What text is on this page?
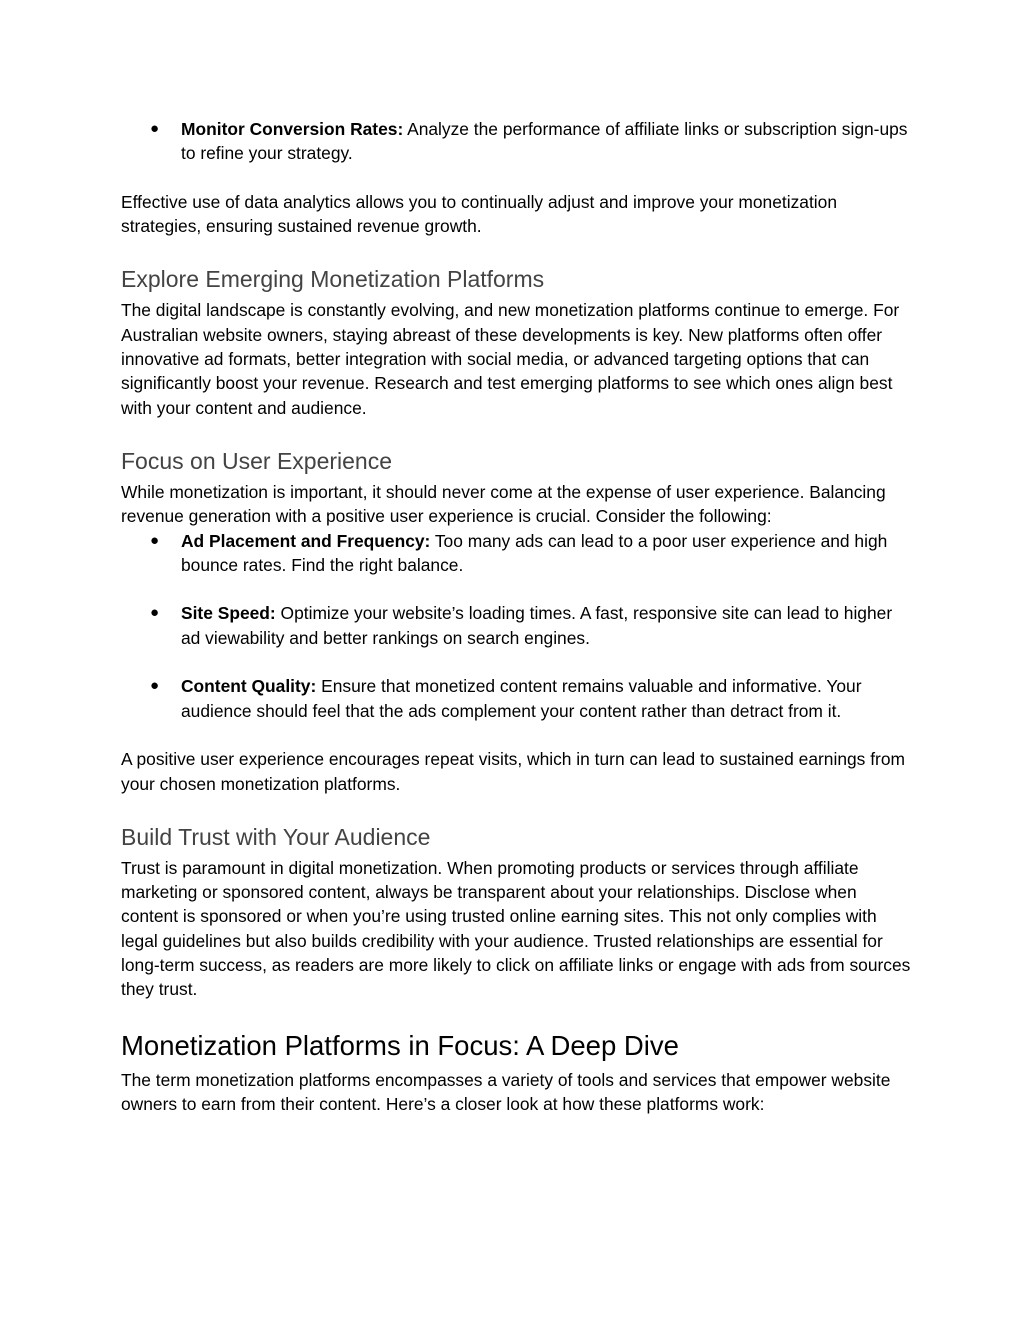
● Monitor Conversion Rates: Analyze the performance of affiliate links or subscription sign-ups to refine your strategy.

Effective use of data analytics allows you to continually adjust and improve your monetization strategies, ensuring sustained revenue growth.

Explore Emerging Monetization Platforms

The digital landscape is constantly evolving, and new monetization platforms continue to emerge. For Australian website owners, staying abreast of these developments is key. New platforms often offer innovative ad formats, better integration with social media, or advanced targeting options that can significantly boost your revenue. Research and test emerging platforms to see which ones align best with your content and audience.

Focus on User Experience

While monetization is important, it should never come at the expense of user experience. Balancing revenue generation with a positive user experience is crucial. Consider the following:

● Ad Placement and Frequency: Too many ads can lead to a poor user experience and high bounce rates. Find the right balance.
● Site Speed: Optimize your website’s loading times. A fast, responsive site can lead to higher ad viewability and better rankings on search engines.
● Content Quality: Ensure that monetized content remains valuable and informative. Your audience should feel that the ads complement your content rather than detract from it.

A positive user experience encourages repeat visits, which in turn can lead to sustained earnings from your chosen monetization platforms.

Build Trust with Your Audience

Trust is paramount in digital monetization. When promoting products or services through affiliate marketing or sponsored content, always be transparent about your relationships. Disclose when content is sponsored or when you’re using trusted online earning sites. This not only complies with legal guidelines but also builds credibility with your audience. Trusted relationships are essential for long-term success, as readers are more likely to click on affiliate links or engage with ads from sources they trust.

Monetization Platforms in Focus: A Deep Dive

The term monetization platforms encompasses a variety of tools and services that empower website owners to earn from their content. Here’s a closer look at how these platforms work:
